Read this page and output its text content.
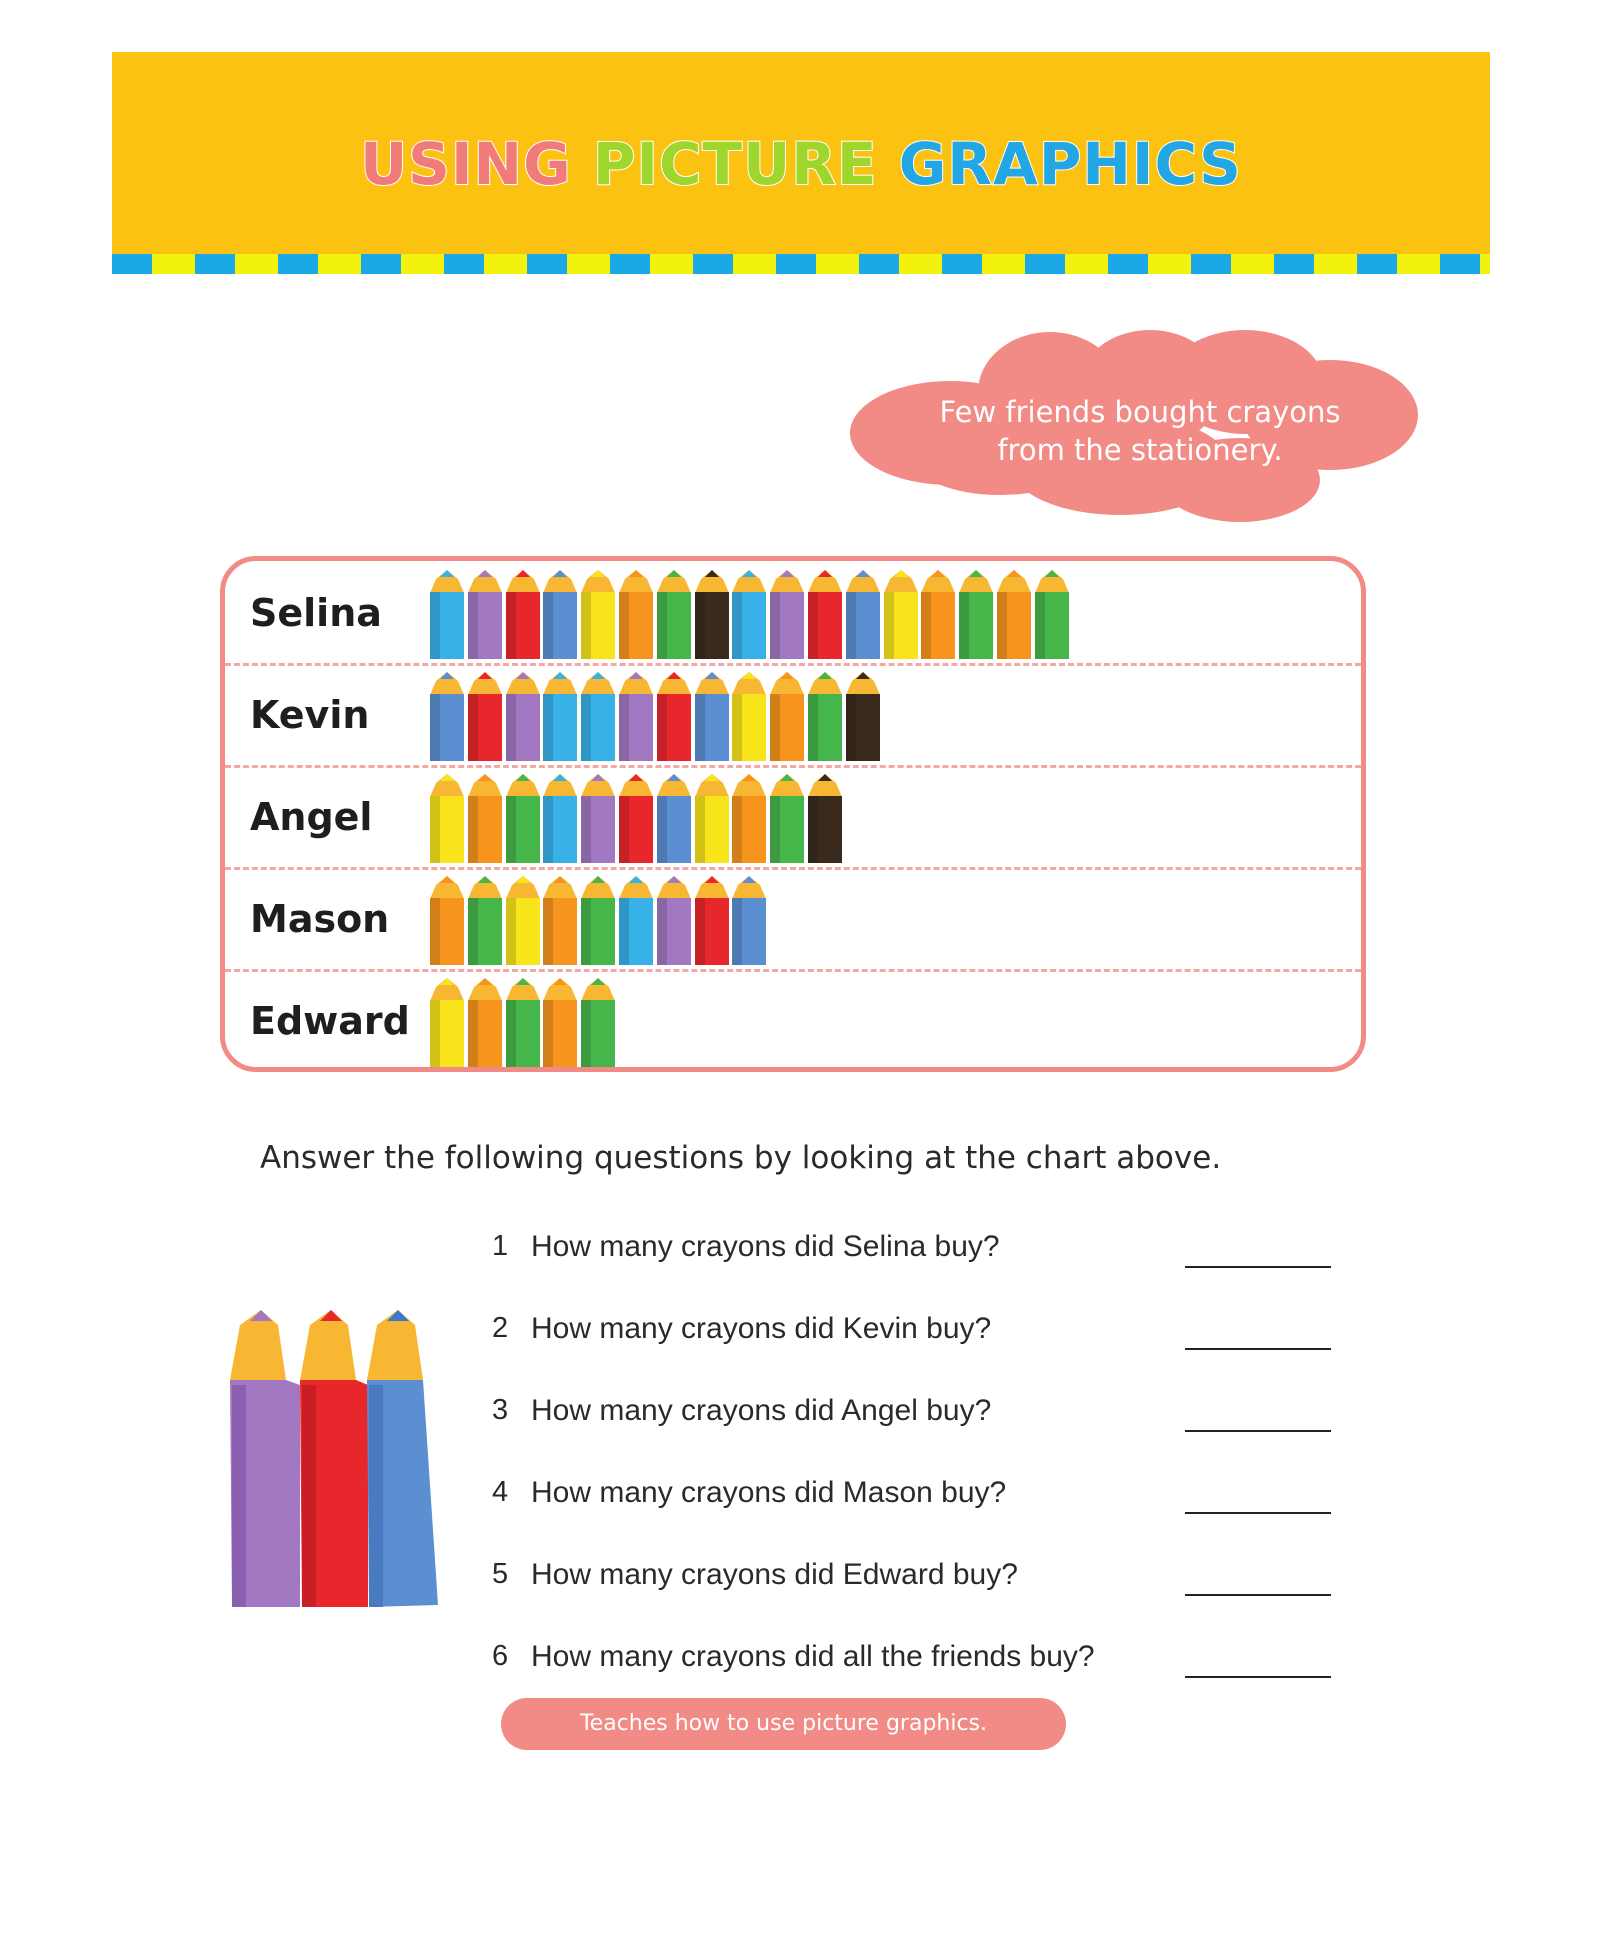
USING PICTURE GRAPHICS
Few friends bought crayons
from the stationery.
Selina
Kevin
Angel
Mason
Edward
Answer the following questions by looking at the chart above.
1 How many crayons did Selina buy?
2 How many crayons did Kevin buy?
3 How many crayons did Angel buy?
4 How many crayons did Mason buy?
5 How many crayons did Edward buy?
6 How many crayons did all the friends buy?
Teaches how to use picture graphics.
